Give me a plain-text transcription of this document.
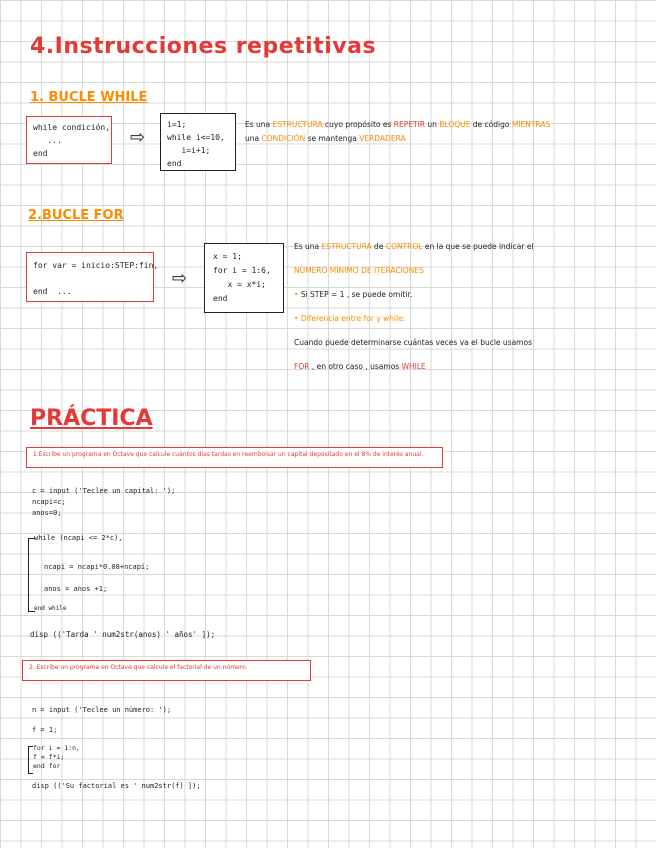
4.Instrucciones repetitivas
1. BUCLE WHILE
while condición,
...
end
⇨
i=1;
while i<=10,
i=i+1;
end
Es una ESTRUCTURA cuyo propósito es REPETIR un BLOQUE de código MIENTRAS
una CONDICIÓN se mantenga VERDADERA
2.BUCLE FOR
for var = inicio:STEP:fin,

end  ...
⇨
x = 1;
for i = 1:6,
x = x*i;
end
Es una ESTRUCTURA de CONTROL en la que se puede indicar el
NÚMERO MÍNIMO DE ITERACIONES
• Si STEP = 1 , se puede omitir.
• Diferencia entre for y while:
Cuando puede determinarse cuántas veces va el bucle usamos
FOR , en otro caso , usamos WHILE
PRÁCTICA
1.Escribe un programa en Octave que calcule cuántos días tardas en reembolsar un capital depositado en el 8% de interés anual.
c = input ('Teclee un capital: ');
ncapi=c;
anos=0;
while (ncapi <= 2*c),
ncapi = ncapi*0.08+ncapi;
anos = anos +1;
end while
disp (('Tarda ' num2str(anos) ' años' ]);
2. Escribe un programa en Octave que calcule el factorial de un número.
n = input ('Teclee un número: ');
f = 1;
for i = 1:n,
f = f*i;
end for
disp (('Su factorial es ' num2str(f) ]);
